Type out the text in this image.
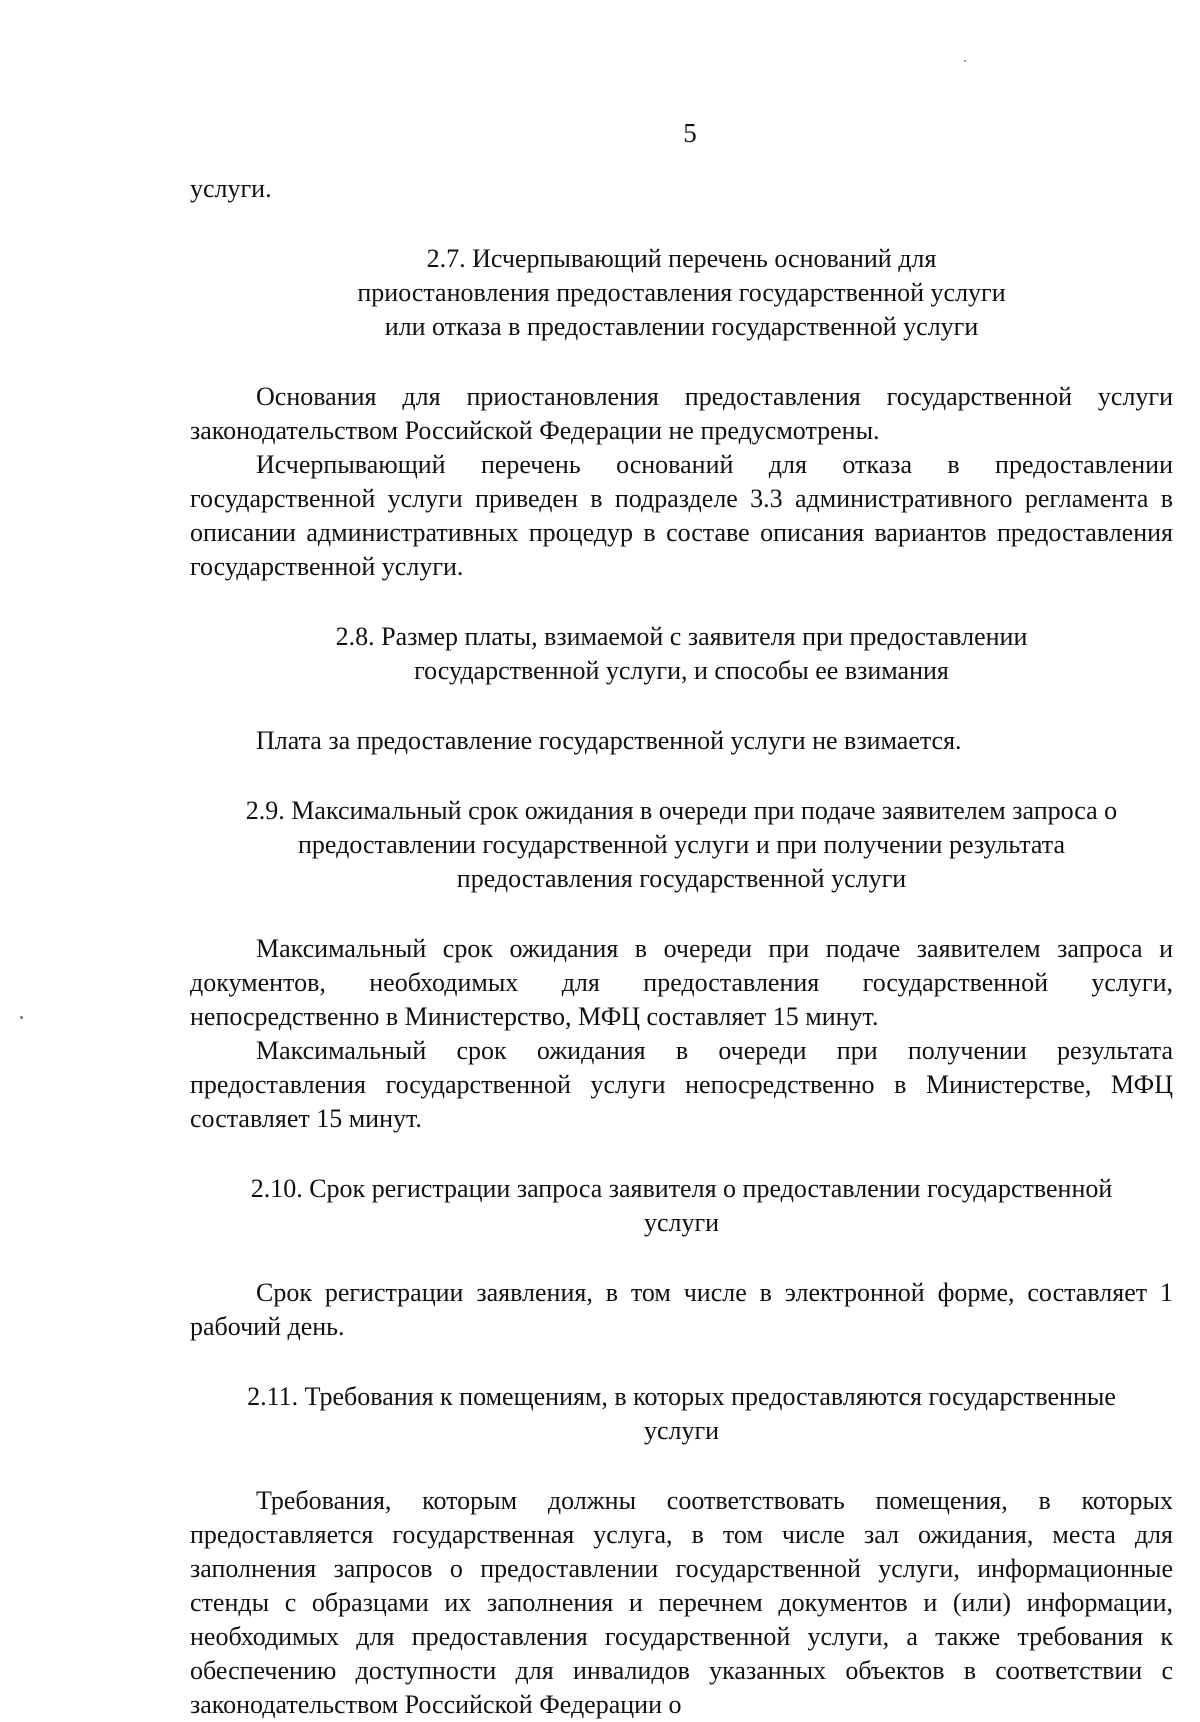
5

услуги.

2.7. Исчерпывающий перечень оснований для
приостановления предоставления государственной услуги
или отказа в предоставлении государственной услуги

Основания для приостановления предоставления государственной услуги законодательством Российской Федерации не предусмотрены.

Исчерпывающий перечень оснований для отказа в предоставлении государственной услуги приведен в подразделе 3.3 административного регламента в описании административных процедур в составе описания вариантов предоставления государственной услуги.

2.8. Размер платы, взимаемой с заявителя при предоставлении
государственной услуги, и способы ее взимания

Плата за предоставление государственной услуги не взимается.

2.9. Максимальный срок ожидания в очереди при подаче заявителем запроса о
предоставлении государственной услуги и при получении результата
предоставления государственной услуги

Максимальный срок ожидания в очереди при подаче заявителем запроса и документов, необходимых для предоставления государственной услуги, непосредственно в Министерство, МФЦ составляет 15 минут.

Максимальный срок ожидания в очереди при получении результата предоставления государственной услуги непосредственно в Министерстве, МФЦ составляет 15 минут.

2.10. Срок регистрации запроса заявителя о предоставлении государственной
услуги

Срок регистрации заявления, в том числе в электронной форме, составляет 1 рабочий день.

2.11. Требования к помещениям, в которых предоставляются государственные
услуги

Требования, которым должны соответствовать помещения, в которых предоставляется государственная услуга, в том числе зал ожидания, места для заполнения запросов о предоставлении государственной услуги, информационные стенды с образцами их заполнения и перечнем документов и (или) информации, необходимых для предоставления государственной услуги, а также требования к обеспечению доступности для инвалидов указанных объектов в соответствии с законодательством Российской Федерации о
